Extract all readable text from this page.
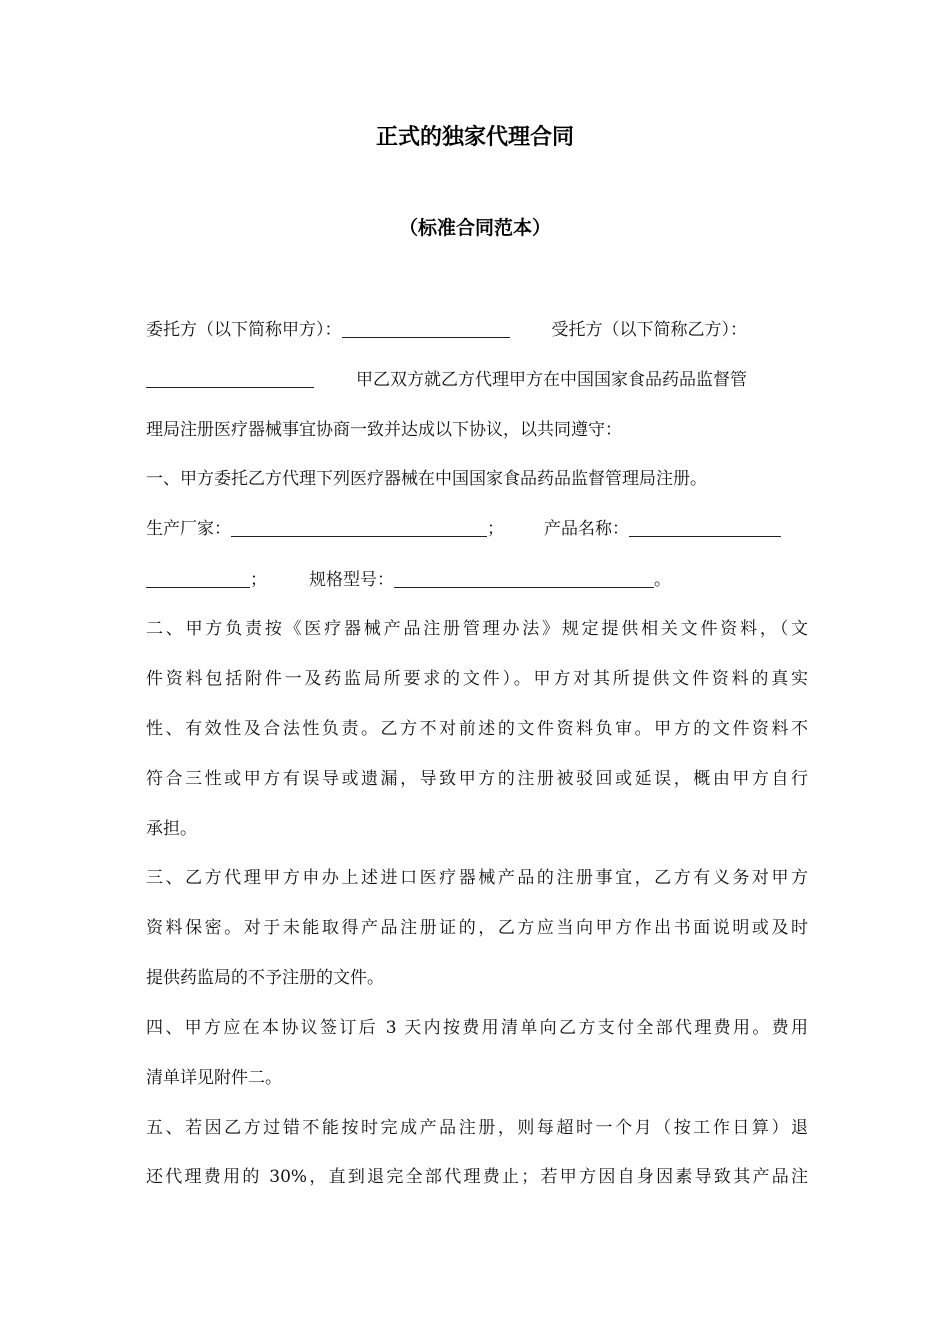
正式的独家代理合同
（标准合同范本）
委托方（以下简称甲方）：	受托方（以下简称乙方）：
甲乙双方就乙方代理甲方在中国国家食品药品监督管
理局注册医疗器械事宜协商一致并达成以下协议，以共同遵守：
一、甲方委托乙方代理下列医疗器械在中国国家食品药品监督管理局注册。
生产厂家：	； 产品名称：
； 规格型号：	。
二、甲方负责按《医疗器械产品注册管理办法》规定提供相关文件资料，（文
件资料包括附件一及药监局所要求的文件）。甲方对其所提供文件资料的真实
性、有效性及合法性负责。乙方不对前述的文件资料负审。甲方的文件资料不
符合三性或甲方有误导或遗漏，导致甲方的注册被驳回或延误，概由甲方自行
承担。
三、乙方代理甲方申办上述进口医疗器械产品的注册事宜，乙方有义务对甲方
资料保密。对于未能取得产品注册证的，乙方应当向甲方作出书面说明或及时
提供药监局的不予注册的文件。
四、甲方应在本协议签订后 3 天内按费用清单向乙方支付全部代理费用。费用
清单详见附件二。
五、若因乙方过错不能按时完成产品注册，则每超时一个月（按工作日算）退
还代理费用的 30%，直到退完全部代理费止；若甲方因自身因素导致其产品注
